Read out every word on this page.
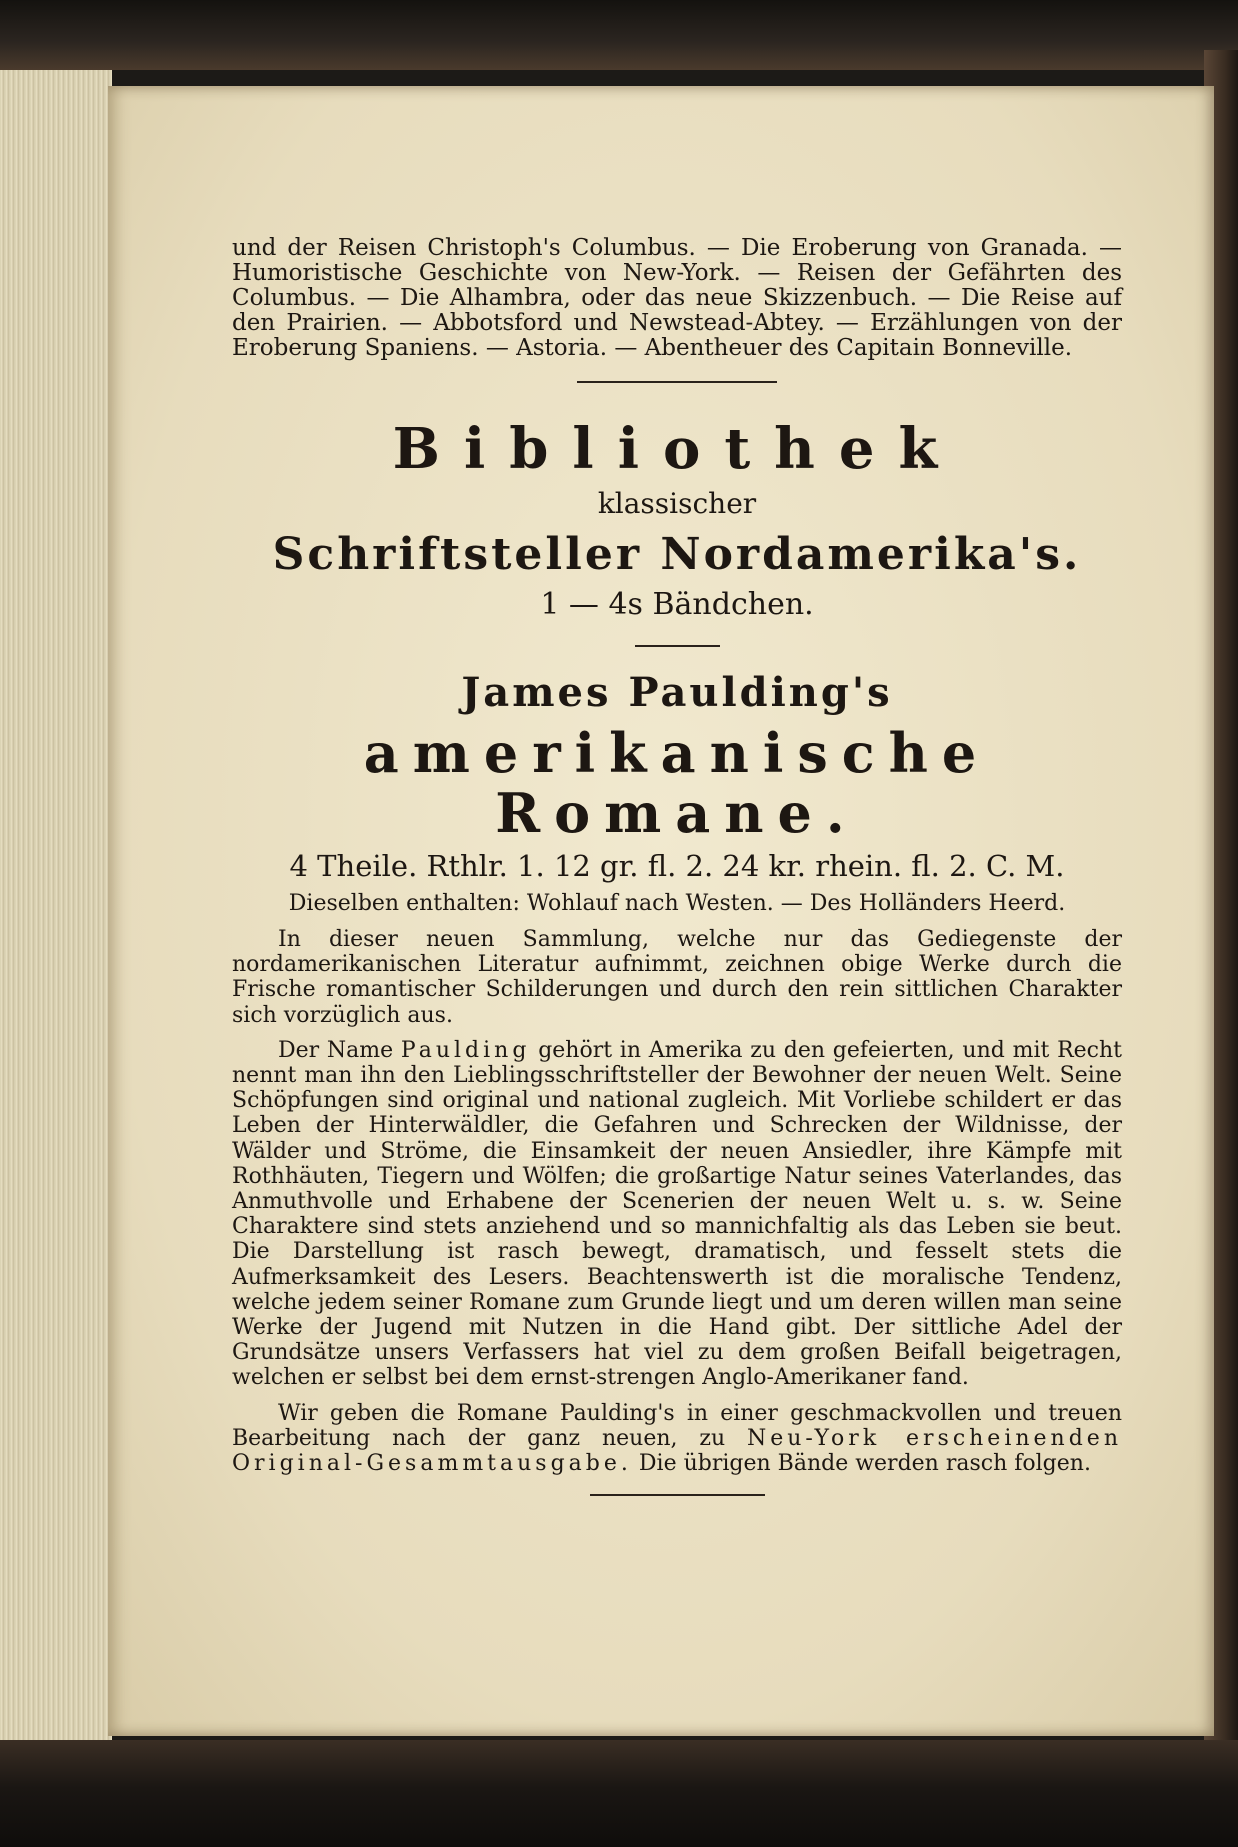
und der Reisen Christoph's Columbus. — Die Eroberung von Granada. — Humoristische Geschichte von New-York. — Reisen der Gefährten des Columbus. — Die Alhambra, oder das neue Skizzenbuch. — Die Reise auf den Prairien. — Abbotsford und Newstead-Abtey. — Erzählungen von der Eroberung Spaniens. — Astoria. — Abentheuer des Capitain Bonneville.

Bibliothek
klassischer
Schriftsteller Nordamerika's.
1 — 4s Bändchen.
James Paulding's
amerikanische Romane.
4 Theile. Rthlr. 1. 12 gr. fl. 2. 24 kr. rhein. fl. 2. C. M.
Dieselben enthalten: Wohlauf nach Westen. — Des Holländers Heerd.

In dieser neuen Sammlung, welche nur das Gediegenste der nordamerikanischen Literatur aufnimmt, zeichnen obige Werke durch die Frische romantischer Schilderungen und durch den rein sittlichen Charakter sich vorzüglich aus.

Der Name Paulding gehört in Amerika zu den gefeierten, und mit Recht nennt man ihn den Lieblingsschriftsteller der Bewohner der neuen Welt. Seine Schöpfungen sind original und national zugleich. Mit Vorliebe schildert er das Leben der Hinterwäldler, die Gefahren und Schrecken der Wildnisse, der Wälder und Ströme, die Einsamkeit der neuen Ansiedler, ihre Kämpfe mit Rothhäuten, Tiegern und Wölfen; die großartige Natur seines Vaterlandes, das Anmuthvolle und Erhabene der Scenerien der neuen Welt u. s. w. Seine Charaktere sind stets anziehend und so mannichfaltig als das Leben sie beut. Die Darstellung ist rasch bewegt, dramatisch, und fesselt stets die Aufmerksamkeit des Lesers. Beachtenswerth ist die moralische Tendenz, welche jedem seiner Romane zum Grunde liegt und um deren willen man seine Werke der Jugend mit Nutzen in die Hand gibt. Der sittliche Adel der Grundsätze unsers Verfassers hat viel zu dem großen Beifall beigetragen, welchen er selbst bei dem ernst-strengen Anglo-Amerikaner fand.

Wir geben die Romane Paulding's in einer geschmackvollen und treuen Bearbeitung nach der ganz neuen, zu Neu-York erscheinenden Original-Gesammtausgabe. Die übrigen Bände werden rasch folgen.
